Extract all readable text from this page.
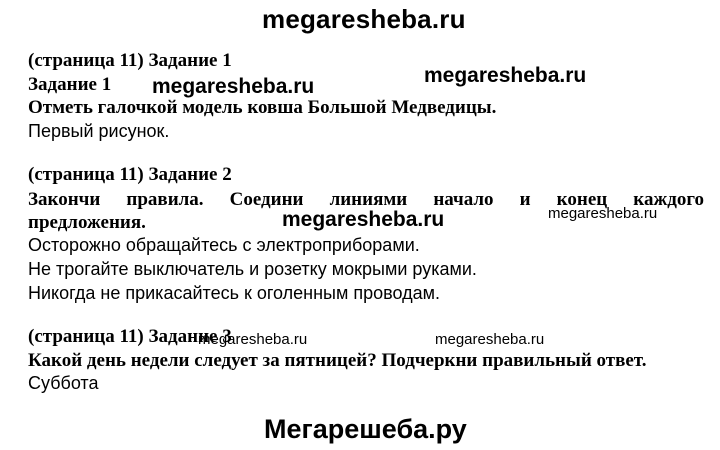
megaresheba.ru
(страница 11) Задание 1
Задание 1 megaresheba.ru	megaresheba.ru
Отметь галочкой модель ковша Большой Медведицы.
Первый рисунок.
(страница 11) Задание 2
Закончи правила. Соедини линиями начало и конец каждого
предложения.	megaresheba.ru	megaresheba.ru
Осторожно обращайтесь с электроприборами.
Не трогайте выключатель и розетку мокрыми руками.
Никогда не прикасайтесь к оголенным проводам.
megaresheba.ru	megaresheba.ru
(страница 11) Задание 3
Какой день недели следует за пятницей? Подчеркни правильный ответ.
Суббота
Мегарешеба.ру
